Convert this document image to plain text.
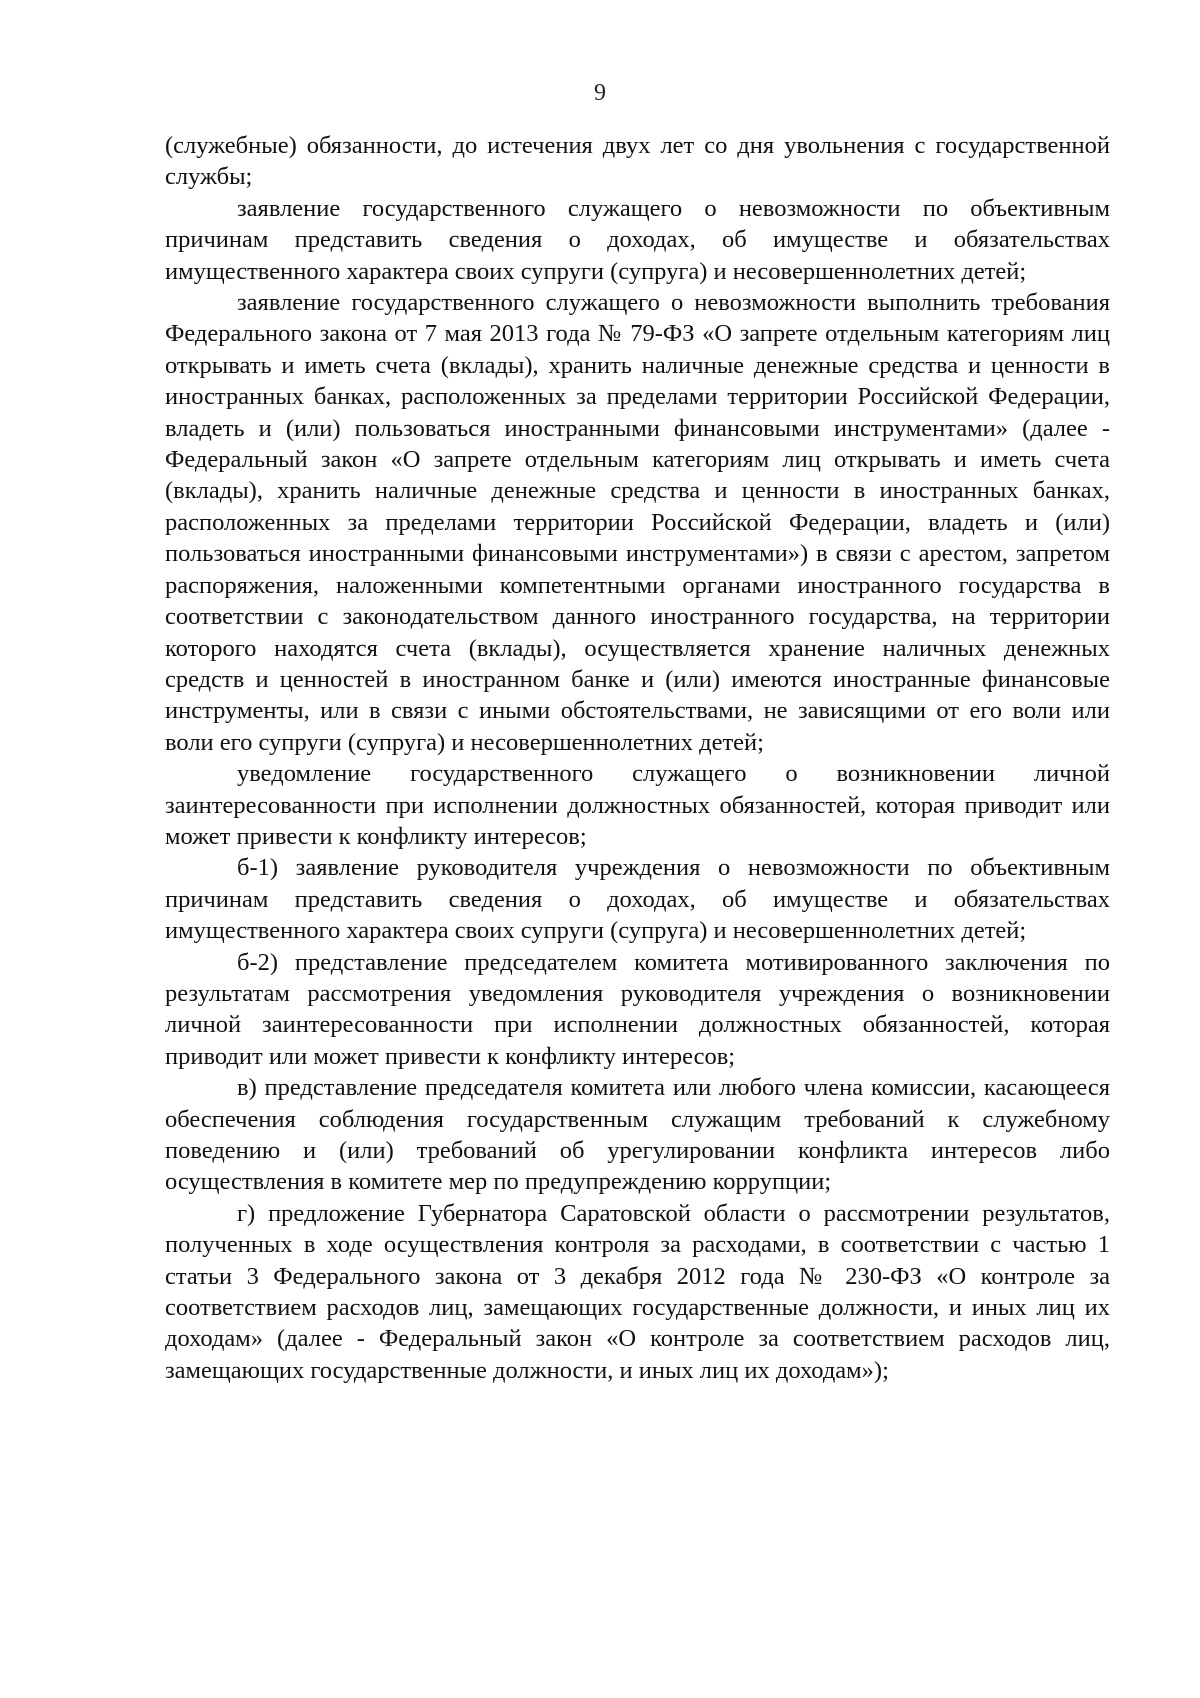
9

(служебные) обязанности, до истечения двух лет со дня увольнения с государственной службы;

заявление государственного служащего о невозможности по объективным причинам представить сведения о доходах, об имуществе и обязательствах имущественного характера своих супруги (супруга) и несовершеннолетних детей;

заявление государственного служащего о невозможности выполнить требования Федерального закона от 7 мая 2013 года № 79-ФЗ «О запрете отдельным категориям лиц открывать и иметь счета (вклады), хранить наличные денежные средства и ценности в иностранных банках, расположенных за пределами территории Российской Федерации, владеть и (или) пользоваться иностранными финансовыми инструментами» (далее - Федеральный закон «О запрете отдельным категориям лиц открывать и иметь счета (вклады), хранить наличные денежные средства и ценности в иностранных банках, расположенных за пределами территории Российской Федерации, владеть и (или) пользоваться иностранными финансовыми инструментами») в связи с арестом, запретом распоряжения, наложенными компетентными органами иностранного государства в соответствии с законодательством данного иностранного государства, на территории которого находятся счета (вклады), осуществляется хранение наличных денежных средств и ценностей в иностранном банке и (или) имеются иностранные финансовые инструменты, или в связи с иными обстоятельствами, не зависящими от его воли или воли его супруги (супруга) и несовершеннолетних детей;

уведомление государственного служащего о возникновении личной заинтересованности при исполнении должностных обязанностей, которая приводит или может привести к конфликту интересов;

б-1) заявление руководителя учреждения о невозможности по объективным причинам представить сведения о доходах, об имуществе и обязательствах имущественного характера своих супруги (супруга) и несовершеннолетних детей;

б-2) представление председателем комитета мотивированного заключения по результатам рассмотрения уведомления руководителя учреждения о возникновении личной заинтересованности при исполнении должностных обязанностей, которая приводит или может привести к конфликту интересов;

в) представление председателя комитета или любого члена комиссии, касающееся обеспечения соблюдения государственным служащим требований к служебному поведению и (или) требований об урегулировании конфликта интересов либо осуществления в комитете мер по предупреждению коррупции;

г) предложение Губернатора Саратовской области о рассмотрении результатов, полученных в ходе осуществления контроля за расходами, в соответствии с частью 1 статьи 3 Федерального закона от 3 декабря 2012 года № 230-ФЗ «О контроле за соответствием расходов лиц, замещающих государственные должности, и иных лиц их доходам» (далее - Федеральный закон «О контроле за соответствием расходов лиц, замещающих государственные должности, и иных лиц их доходам»);
